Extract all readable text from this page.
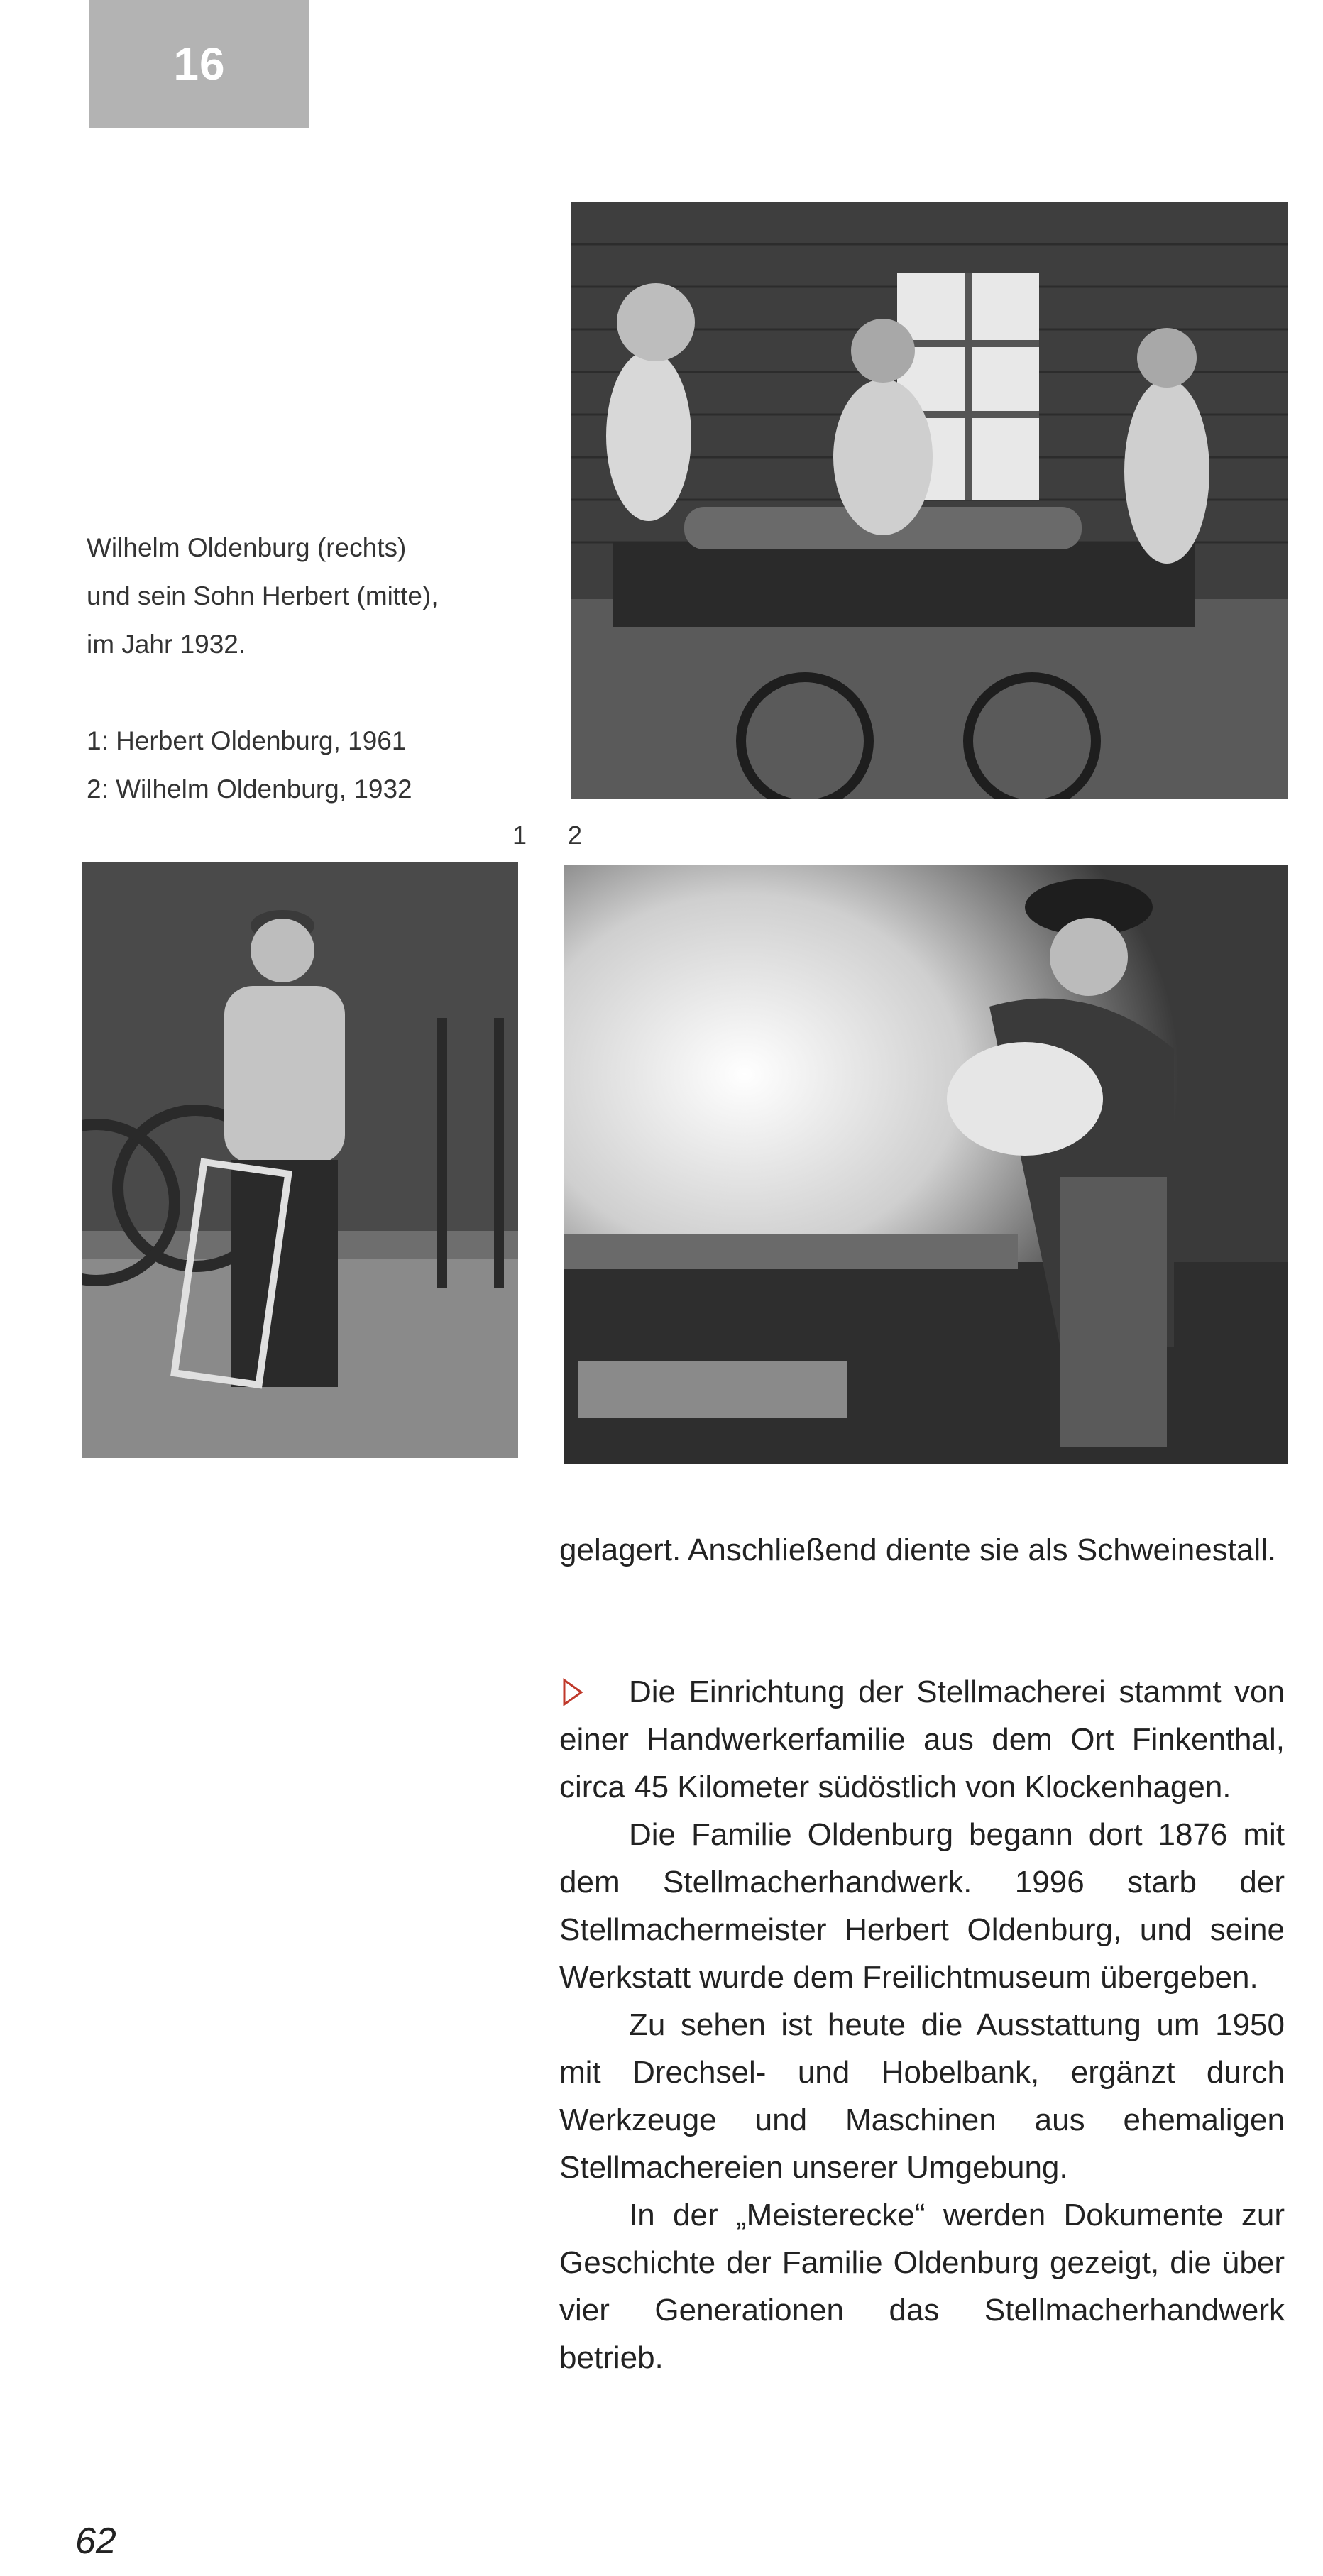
16
Wilhelm Oldenburg (rechts)
und sein Sohn Herbert (mitte),
im Jahr 1932.
1: Herbert Oldenburg, 1961
2: Wilhelm Oldenburg, 1932
1 2

gelagert. Anschließend diente sie als Schweinestall.

Die Einrichtung der Stellmacherei stammt von einer Handwerkerfamilie aus dem Ort Finkenthal, circa 45 Kilometer südöstlich von Klockenhagen.

Die Familie Oldenburg begann dort 1876 mit dem Stellmacherhandwerk. 1996 starb der Stellmachermeister Herbert Oldenburg, und seine Werkstatt wurde dem Freilichtmuseum übergeben.

Zu sehen ist heute die Ausstattung um 1950 mit Drechsel- und Hobelbank, ergänzt durch Werkzeuge und Maschinen aus ehemaligen Stellmachereien unserer Umgebung.

In der „Meisterecke“ werden Dokumente zur Geschichte der Familie Oldenburg gezeigt, die über vier Generationen das Stellmacherhandwerk betrieb.

62
